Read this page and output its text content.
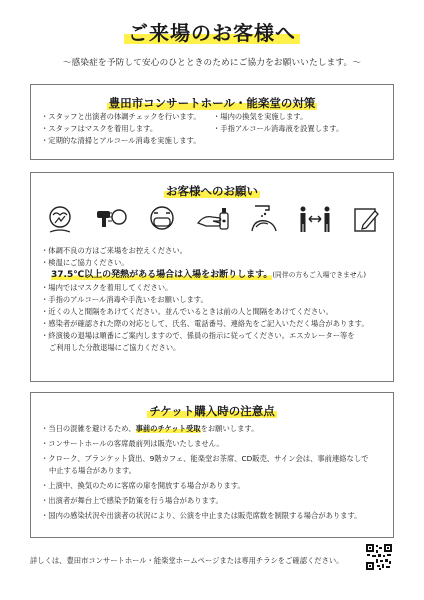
ご来場のお客様へ
〜感染症を予防して安心のひとときのためにご協力をお願いいたします。〜
豊田市コンサートホール・能楽堂の対策
・スタッフと出演者の体調チェックを行います。	・場内の換気を実施します。
・スタッフはマスクを着用します。	・手指アルコール消毒液を設置します。
・定期的な清掃とアルコール消毒を実施します。
お客様へのお願い
・ 体調不良の方はご来場をお控えください。
・ 検温にご協力ください。
37.5℃以上の発熱がある場合は入場をお断りします。(同伴の方もご入場できません)
・ 場内ではマスクを着用してください。
・ 手指のアルコール消毒や手洗いをお願いします。
・ 近くの人と間隔をあけてください。並んでいるときは前の人と間隔をあけてください。
・ 感染者が確認された際の対応として、氏名、電話番号、連絡先をご記入いただく場合があります。
・ 終演後の退場は順番にご案内しますので、係員の指示に従ってください。エスカレーター等を
ご利用した分散退場にご協力ください。
チケット購入時の注意点
・ 当日の混雑を避けるため、事前のチケット受取をお願いします。
・ コンサートホールの客席最前列は販売いたしません。
・ クローク、ブランケット貸出、9階カフェ、能楽堂お茶席、CD販売、サイン会は、事前連絡なしで
中止する場合があります。
・ 上演中、換気のために客席の扉を開放する場合があります。
・ 出演者が舞台上で感染予防策を行う場合があります。
・ 国内の感染状況や出演者の状況により、公演を中止または販売席数を制限する場合があります。
詳しくは、豊田市コンサートホール・能楽堂ホームページまたは専用チラシをご確認ください。
